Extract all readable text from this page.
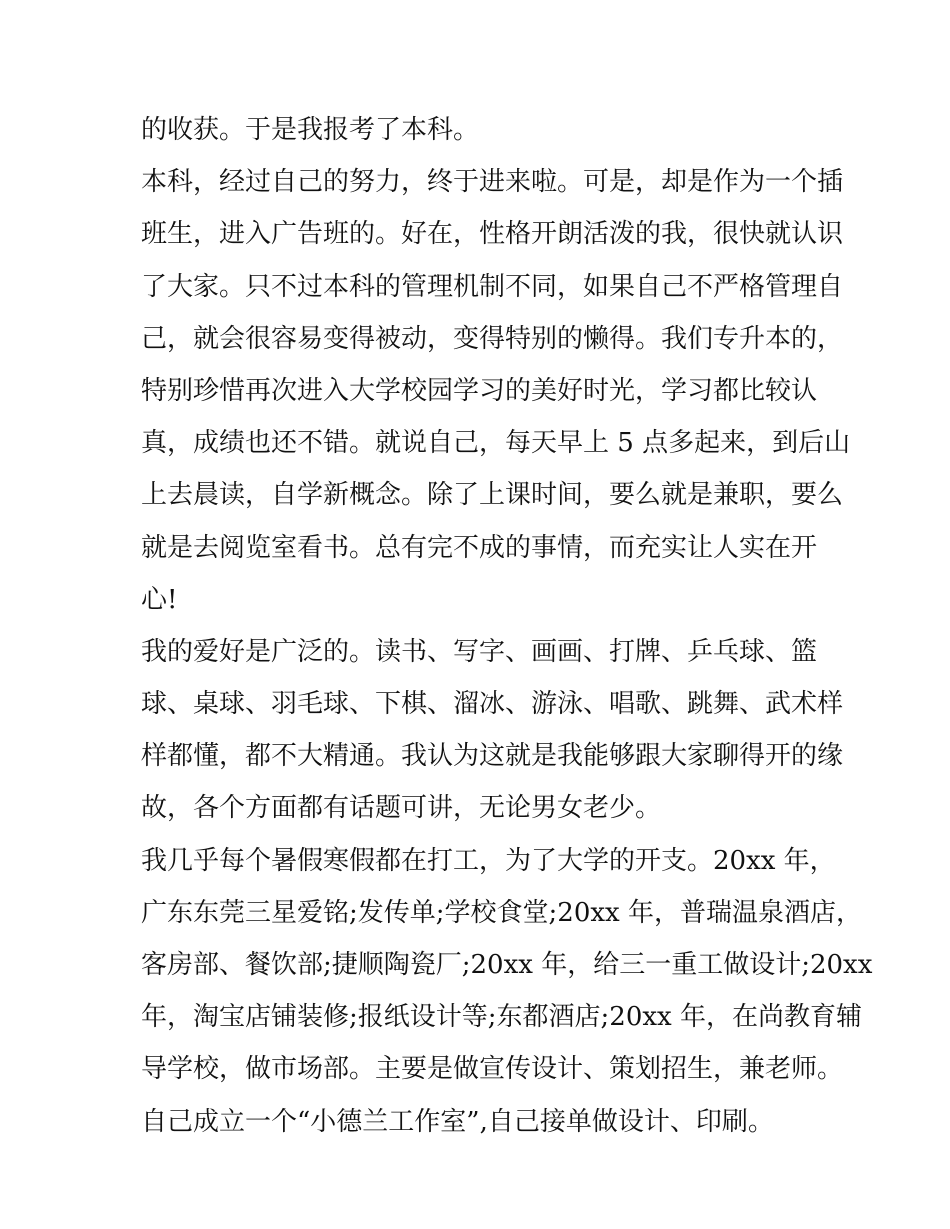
的收获。于是我报考了本科。

本科，经过自己的努力，终于进来啦。可是，却是作为一个插

班生，进入广告班的。好在，性格开朗活泼的我，很快就认识

了大家。只不过本科的管理机制不同，如果自己不严格管理自

己，就会很容易变得被动，变得特别的懒得。我们专升本的，

特别珍惜再次进入大学校园学习的美好时光，学习都比较认

真，成绩也还不错。就说自己，每天早上 5 点多起来，到后山

上去晨读，自学新概念。除了上课时间，要么就是兼职，要么

就是去阅览室看书。总有完不成的事情，而充实让人实在开

心!

我的爱好是广泛的。读书、写字、画画、打牌、乒乓球、篮

球、桌球、羽毛球、下棋、溜冰、游泳、唱歌、跳舞、武术样

样都懂，都不大精通。我认为这就是我能够跟大家聊得开的缘

故，各个方面都有话题可讲，无论男女老少。

我几乎每个暑假寒假都在打工，为了大学的开支。20xx 年，

广东东莞三星爱铭;发传单;学校食堂;20xx 年，普瑞温泉酒店，

客房部、餐饮部;捷顺陶瓷厂;20xx 年，给三一重工做设计;20xx

年，淘宝店铺装修;报纸设计等;东都酒店;20xx 年，在尚教育辅

导学校，做市场部。主要是做宣传设计、策划招生，兼老师。

自己成立一个“小德兰工作室”,自己接单做设计、印刷。
